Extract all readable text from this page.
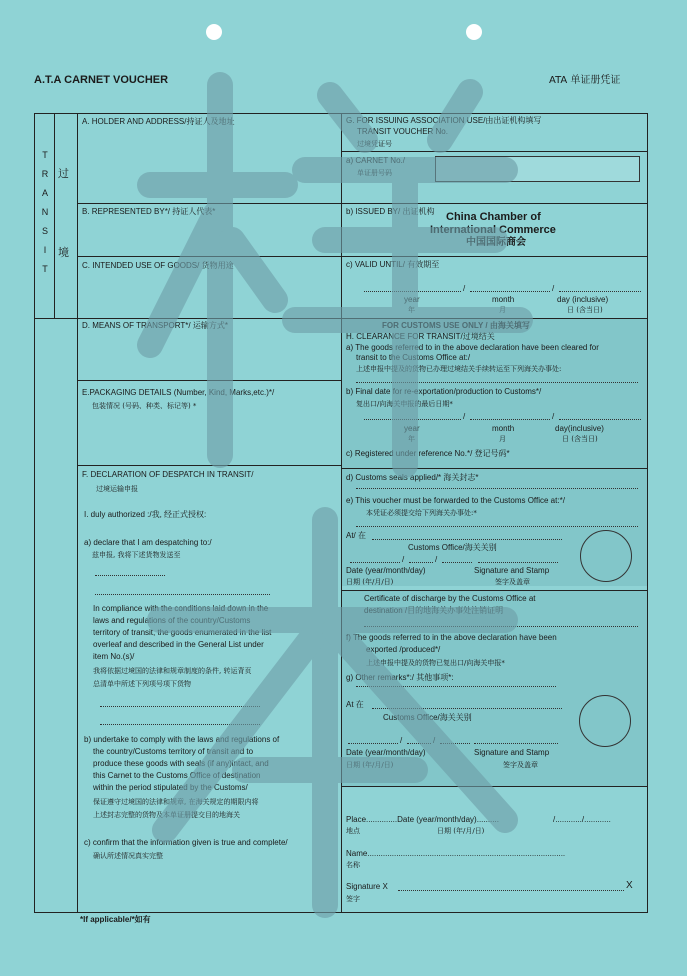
A.T.A CARNET VOUCHER	ATA 单证册凭证
T
R
A
N
S
I
T
过
境
A. HOLDER AND ADDRESS/持证人及地址
B. REPRESENTED BY*/ 持证人代表*
C. INTENDED USE OF GOODS/ 货物用途
D. MEANS OF TRANSPORT*/ 运输方式*
E.PACKAGING DETAILS (Number, Kind, Marks,etc.)*/
包装情况 (号码、种类、标记等) *
F. DECLARATION OF DESPATCH IN TRANSIT/
过境运输申报
I. duly authorized :/我, 经正式授权:
a) declare that I am despatching to:/
兹申报, 我将下述货物发送至
In compliance with the conditions laid down in the
laws and regulations of the country/Customs
territory of transit, the goods enumerated in the list
overleaf and described in the General List under
item No.(s)/
我将依据过境国的法律和规章制度的条件, 转运背页
总清单中所述下列项号项下货物
b) undertake to comply with the laws and regulations of
the country/Customs territory of transit and to
produce these goods with seals (if any)intact, and
this Carnet to the Customs Office of destination
within the period stipulated by the Customs/
保证遵守过境国的法律和规章, 在海关规定的期限内将
上述封志完整的货物及本单证册提交目的地海关
c) confirm that the information given is true and complete/
确认所述情况真实完整
*If applicable/*如有
G. FOR ISSUING ASSOCIATION USE/由出证机构填写
TRANSIT VOUCHER No.
过境凭证号
a) CARNET No./
单证册号码
b) ISSUED BY/ 出证机构 China Chamber of
International Commerce
中国国际商会
c) VALID UNTIL/ 有效期至
/	/
year	month	day (inclusive)
年	月	日 (含当日)
FOR CUSTOMS USE ONLY / 由海关填写
H. CLEARANCE FOR TRANSIT/过境结关
a) The goods referred to in the above declaration have been cleared for
transit to the Customs Office at:/
上述申报中提及的货物已办理过境结关手续转运至下列海关办事处:
b) Final date for re-exportation/production to Customs*/
复出口/向海关申报的最后日期*
/	/
year	month	day(inclusive)
年	月	日 (含当日)
c) Registered under reference No.*/ 登记号码*
d) Customs seals applied/* 海关封志*
e) This voucher must be forwarded to the Customs Office at:*/
本凭证必须提交给下列海关办事处:*
At/ 在
Customs Office/海关关别
/	/
Date (year/month/day)
日期 (年/月/日)
Signature and Stamp
签字及盖章
Certificate of discharge by the Customs Office at
destination /目的地海关办事处注销证明
f) The goods referred to in the above declaration have been
exported /produced*/
上述申报中提及的货物已复出口/向海关申报*
g) Other remarks*:/ 其他事项*:
At 在
Customs Office/海关关别
/	/
Date (year/month/day)
日期 (年/月/日)
Signature and Stamp
签字及盖章
Place..............Date (year/month/day)..........	/............/............
地点	日期 (年/月/日)
Name.........................................................................................
名称
Signature X	X
签字
